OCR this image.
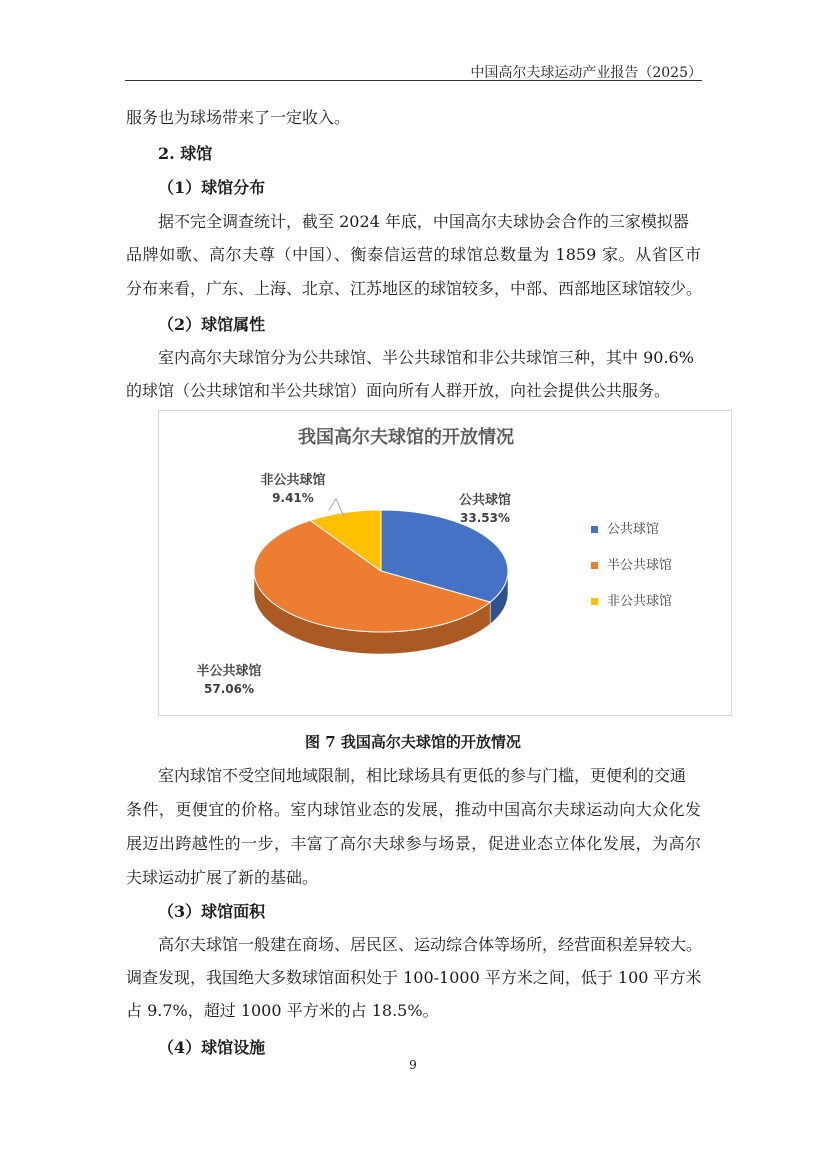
中国高尔夫球运动产业报告（2025）
服务也为球场带来了一定收入。
2. 球馆
（1）球馆分布
据不完全调查统计，截至 2024 年底，中国高尔夫球协会合作的三家模拟器
品牌如歌、高尔夫尊（中国）、衡泰信运营的球馆总数量为 1859 家。从省区市
分布来看，广东、上海、北京、江苏地区的球馆较多，中部、西部地区球馆较少。
（2）球馆属性
室内高尔夫球馆分为公共球馆、半公共球馆和非公共球馆三种，其中 90.6%
的球馆（公共球馆和半公共球馆）面向所有人群开放，向社会提供公共服务。
我国高尔夫球馆的开放情况
公共球馆
33.53%
半公共球馆
57.06%
非公共球馆
9.41%
公共球馆
半公共球馆
非公共球馆
图 7 我国高尔夫球馆的开放情况
室内球馆不受空间地域限制，相比球场具有更低的参与门槛，更便利的交通
条件，更便宜的价格。室内球馆业态的发展，推动中国高尔夫球运动向大众化发
展迈出跨越性的一步，丰富了高尔夫球参与场景，促进业态立体化发展，为高尔
夫球运动扩展了新的基础。
（3）球馆面积
高尔夫球馆一般建在商场、居民区、运动综合体等场所，经营面积差异较大。
调查发现，我国绝大多数球馆面积处于 100-1000 平方米之间，低于 100 平方米
占 9.7%，超过 1000 平方米的占 18.5%。
（4）球馆设施
9
